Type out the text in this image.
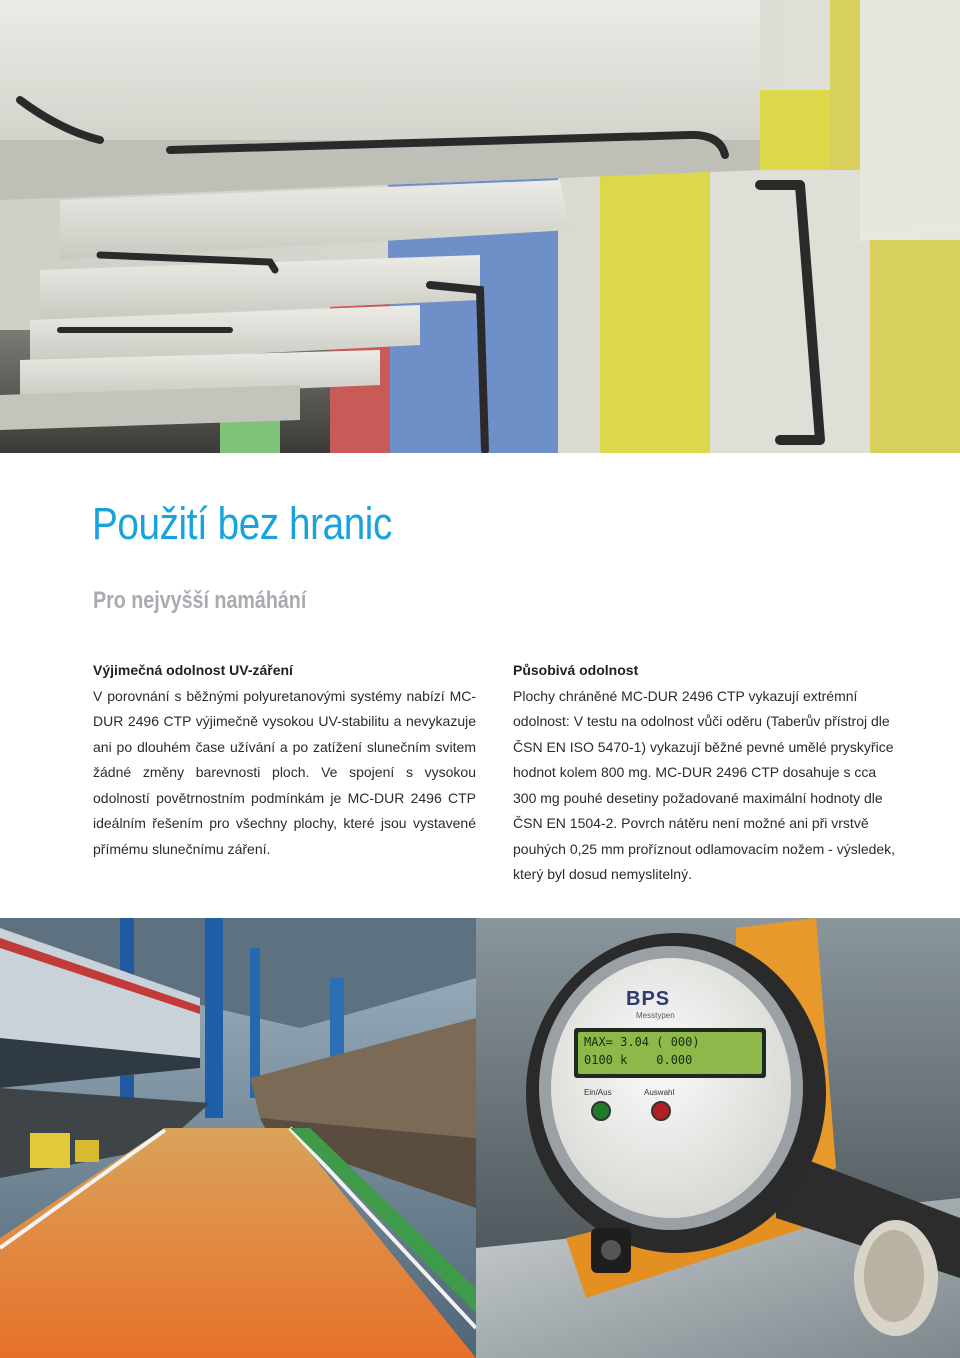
Použití bez hranic
Pro nejvyšší namáhání
Výjimečná odolnost UV-záření

V porovnání s běžnými polyuretanovými systémy nabízí MC-DUR 2496 CTP výjimečně vysokou UV-stabilitu a nevykazuje ani po dlouhém čase užívání a po zatížení slunečním svitem žádné změny barevnosti ploch. Ve spojení s vysokou odolností povětrnostním podmínkám je MC-DUR 2496 CTP ideálním řešením pro všechny plochy, které jsou vystavené přímému slunečnímu záření.

Působivá odolnost

Plochy chráněné MC-DUR 2496 CTP vykazují extrémní odolnost: V testu na odolnost vůči oděru (Taberův přístroj dle ČSN EN ISO 5470-1) vykazují běžné pevné umělé pryskyřice hodnot kolem 800 mg. MC-DUR 2496 CTP dosahuje s cca 300 mg pouhé desetiny požadované maximální hodnoty dle ČSN EN 1504-2. Povrch nátěru není možné ani při vrstvě pouhých 0,25 mm proříznout odlamovacím nožem - výsledek, který byl dosud nemyslitelný.

BPS
Messtypen
MAX= 3.04 ( 000)
0100 k    0.000
Ein/Aus	Auswahl
